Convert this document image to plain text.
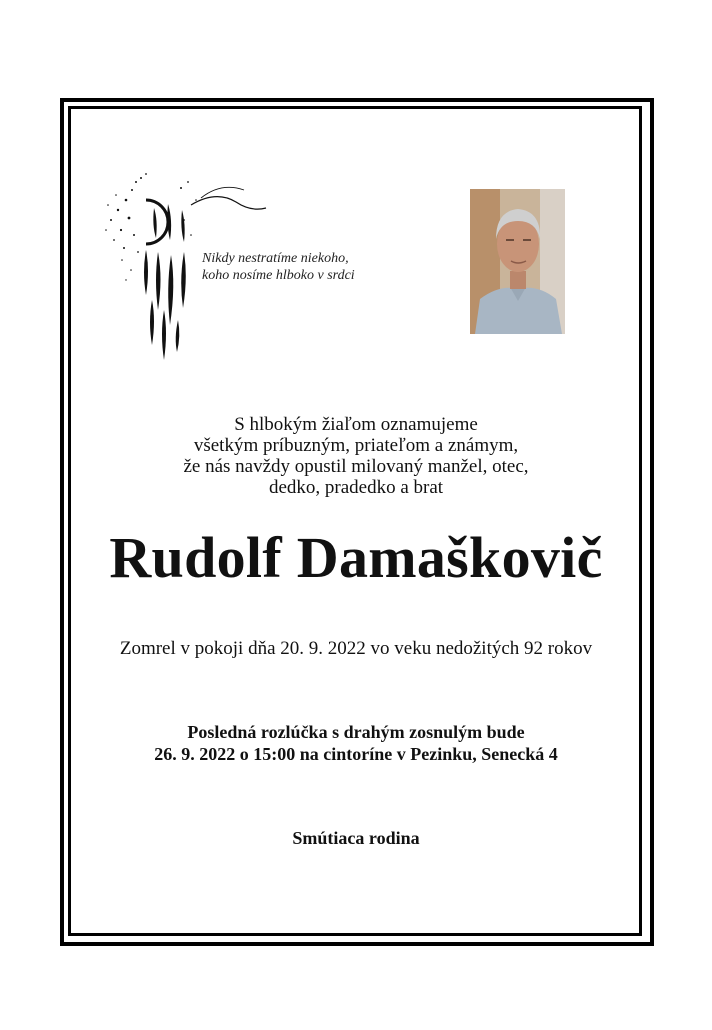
Nikdy nestratíme niekoho,
koho nosíme hlboko v srdci
S hlbokým žiaľom oznamujeme
všetkým príbuzným, priateľom a známym,
že nás navždy opustil milovaný manžel, otec,
dedko, pradedko a brat
Rudolf Damaškovič
Zomrel v pokoji dňa 20. 9. 2022 vo veku nedožitých 92 rokov
Posledná rozlúčka s drahým zosnulým bude
26. 9. 2022 o 15:00 na cintoríne v Pezinku, Senecká 4
Smútiaca rodina
